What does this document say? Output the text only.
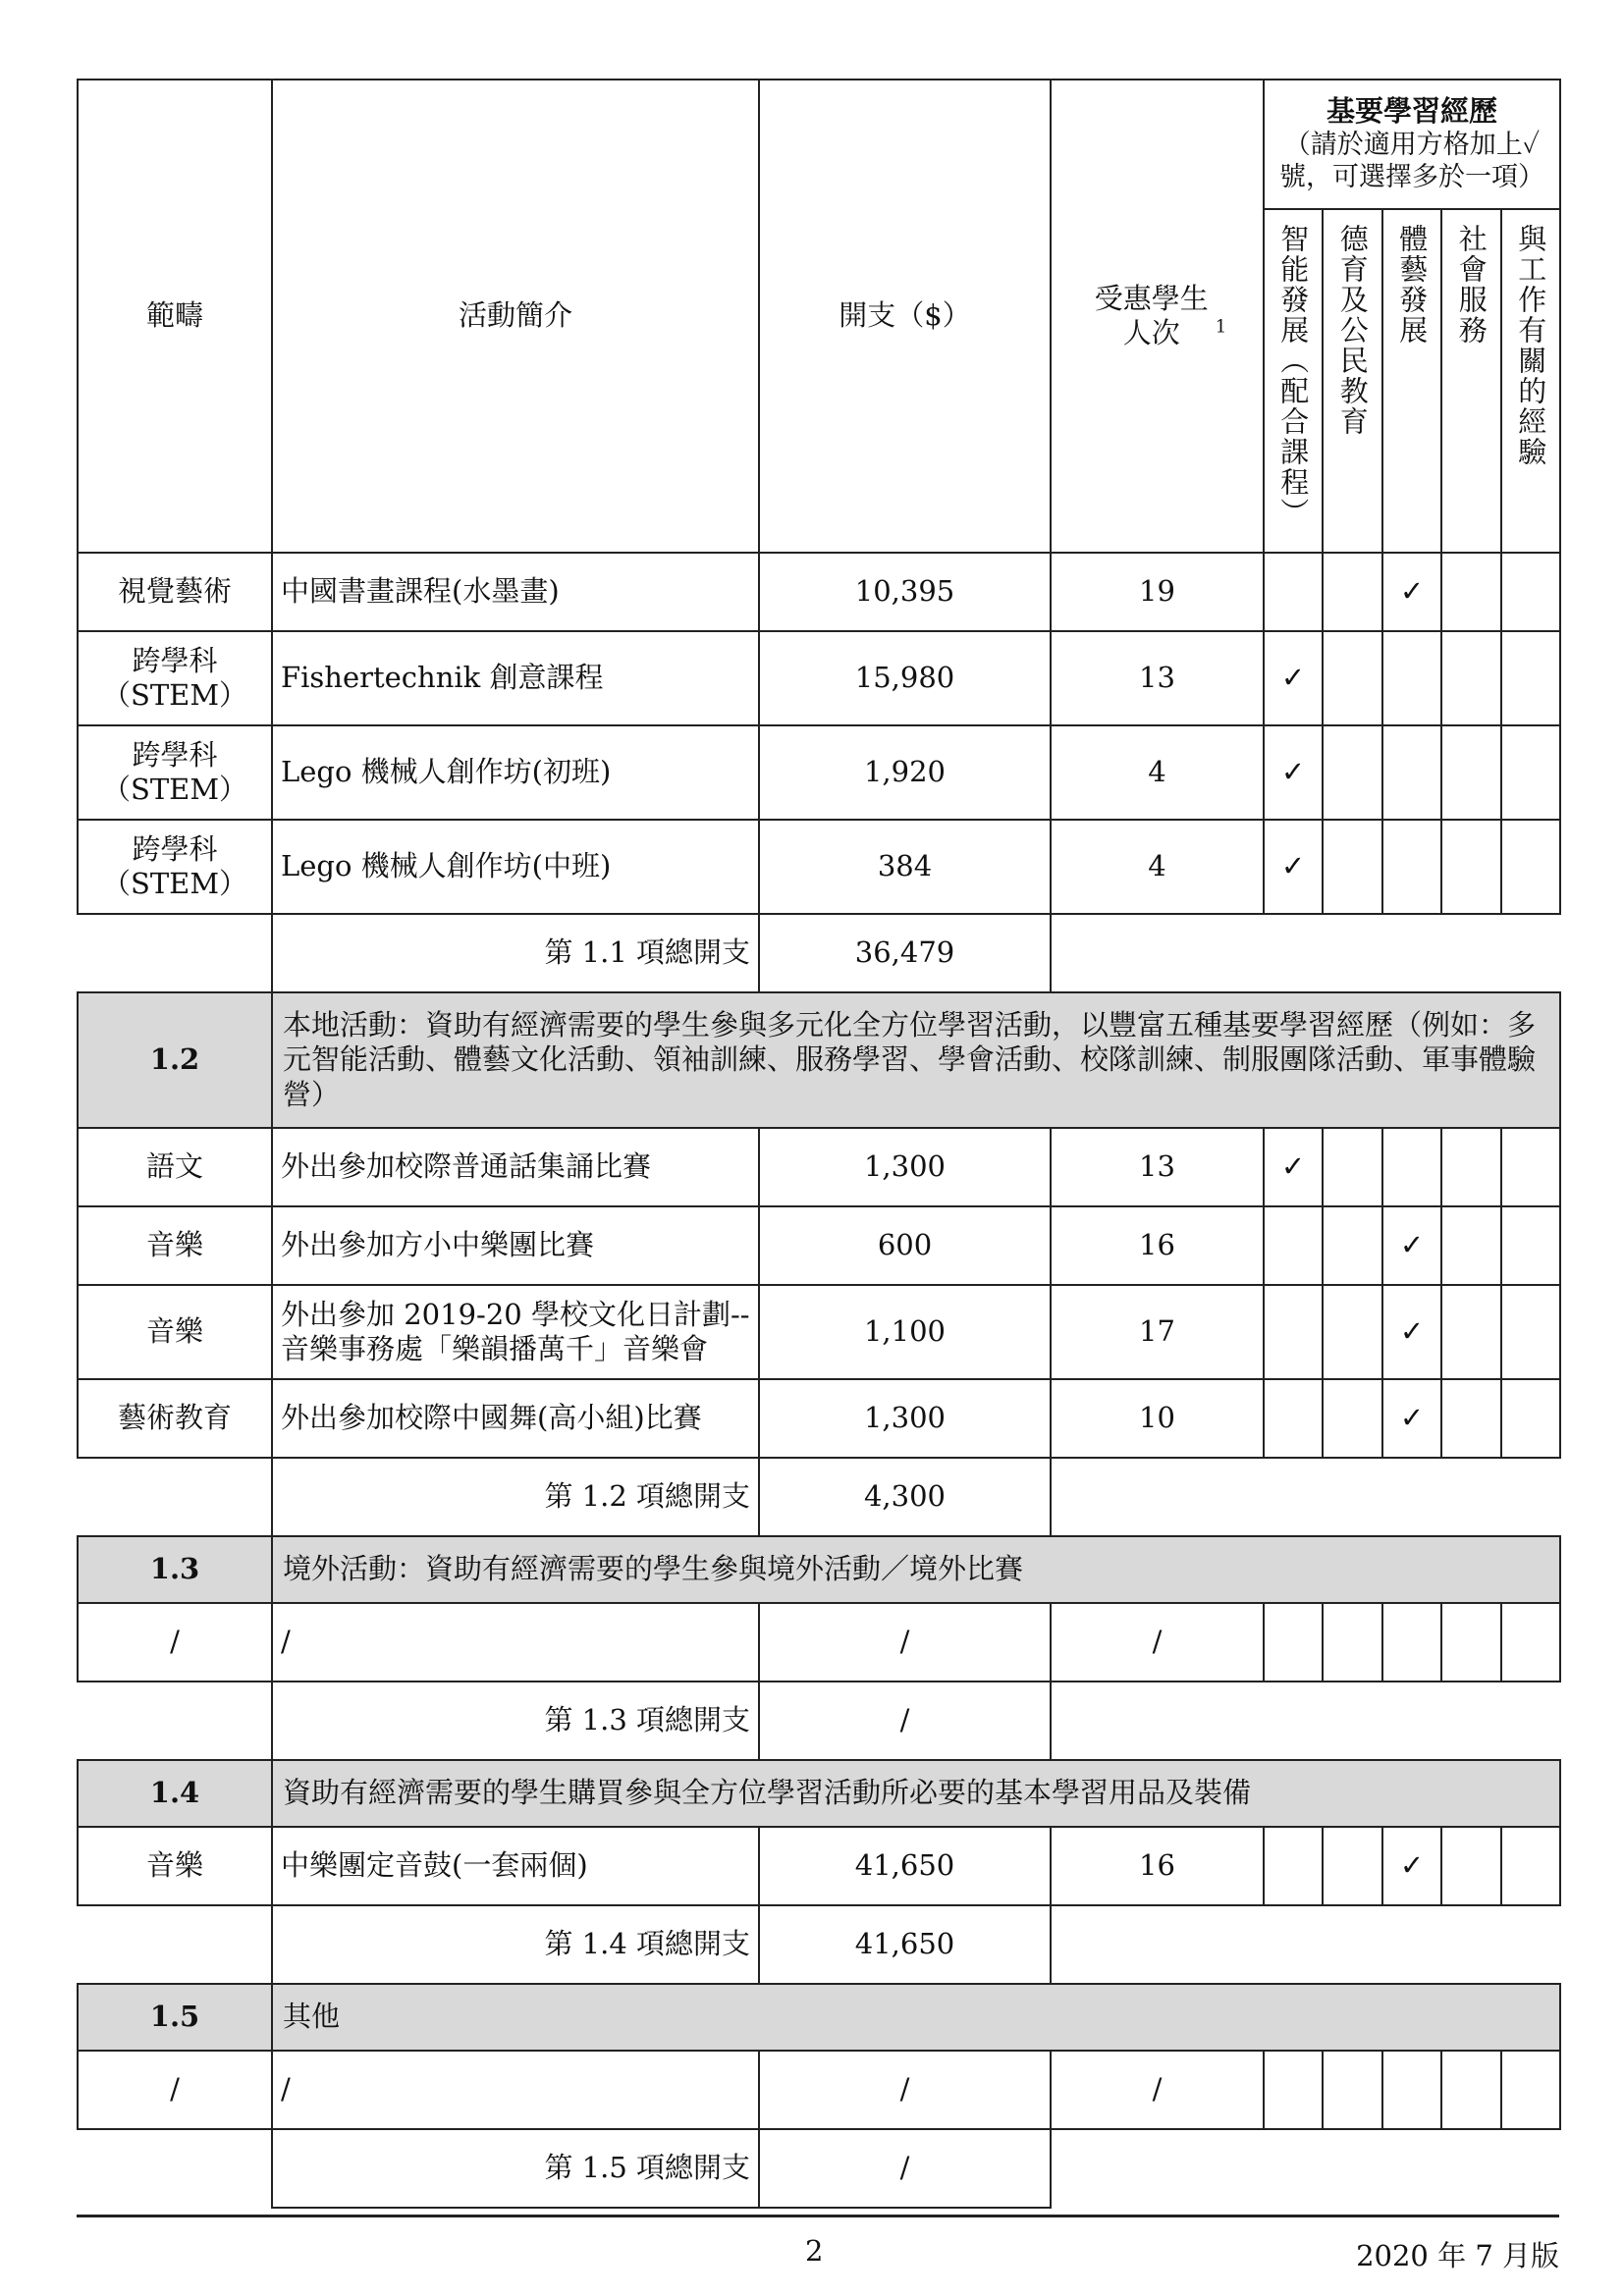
範疇	活動簡介	開支（$）	受惠學生人次 $^1$	基要學習經歷
（請於適用方格加上✓號，可選擇多於一項）				

				智能發展（配合課程）	德育及公民教育	體藝發展	社會服務	與工作有關的經驗
視覺藝術	中國書畫課程(水墨畫)	10,395	19			✓		
跨學科（STEM）	Fishertechnik 創意課程	15,980	13	✓				
跨學科（STEM）	Lego 機械人創作坊(初班)	1,920	4	✓				
跨學科（STEM）	Lego 機械人創作坊(中班)	384	4	✓				
	第 1.1 項總開支	36,479						
1.2	本地活動：資助有經濟需要的學生參與多元化全方位學習活動，以豐富五種基要學習經歷（例如：多元智能活動、體藝文化活動、領袖訓練、服務學習、學會活動、校隊訓練、制服團隊活動、軍事體驗營）							
語文	外出參加校際普通話集誦比賽	1,300	13	✓				
音樂	外出參加方小中樂團比賽	600	16			✓		
音樂	外出參加 2019-20 學校文化日計劃--音樂事務處「樂韻播萬千」音樂會	1,100	17			✓		
藝術教育	外出參加校際中國舞(高小組)比賽	1,300	10			✓		
	第 1.2 項總開支	4,300						
1.3	境外活動：資助有經濟需要的學生參與境外活動／境外比賽							
/	/	/	/					
	第 1.3 項總開支	/						
1.4	資助有經濟需要的學生購買參與全方位學習活動所必要的基本學習用品及裝備							
音樂	中樂團定音鼓(一套兩個)	41,650	16			✓		
	第 1.4 項總開支	41,650						
1.5	其他							
/	/	/	/					
	第 1.5 項總開支	/						
2	2020 年 7 月版
